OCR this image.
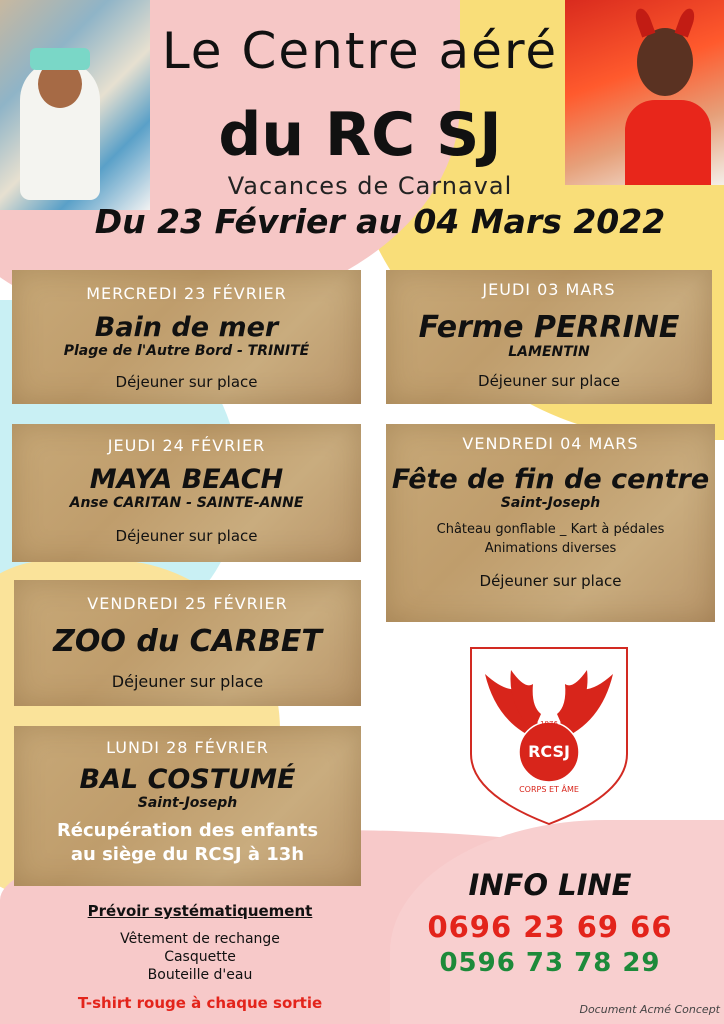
Le Centre aéré
du RC SJ
Vacances de Carnaval
Du 23 Février au 04 Mars 2022
MERCREDI 23 FÉVRIER
Bain de mer
Plage de l'Autre Bord - TRINITÉ
Déjeuner sur place
JEUDI 24 FÉVRIER
MAYA BEACH
Anse CARITAN - SAINTE-ANNE
Déjeuner sur place
VENDREDI 25 FÉVRIER
ZOO du CARBET
Déjeuner sur place
LUNDI 28 FÉVRIER
BAL COSTUMÉ
Saint-Joseph
Récupération des enfants
au siège du RCSJ à 13h
JEUDI 03 MARS
Ferme PERRINE
LAMENTIN
Déjeuner sur place
VENDREDI 04 MARS
Fête de fin de centre
Saint-Joseph
Château gonflable _ Kart à pédales
Animations diverses
Déjeuner sur place
1976
RCSJ
CORPS ET ÂME
Prévoir systématiquement
Vêtement de rechange
Casquette
Bouteille d'eau
T-shirt rouge à chaque sortie
INFO LINE
0696 23 69 66
0596 73 78 29
Document Acmé Concept
